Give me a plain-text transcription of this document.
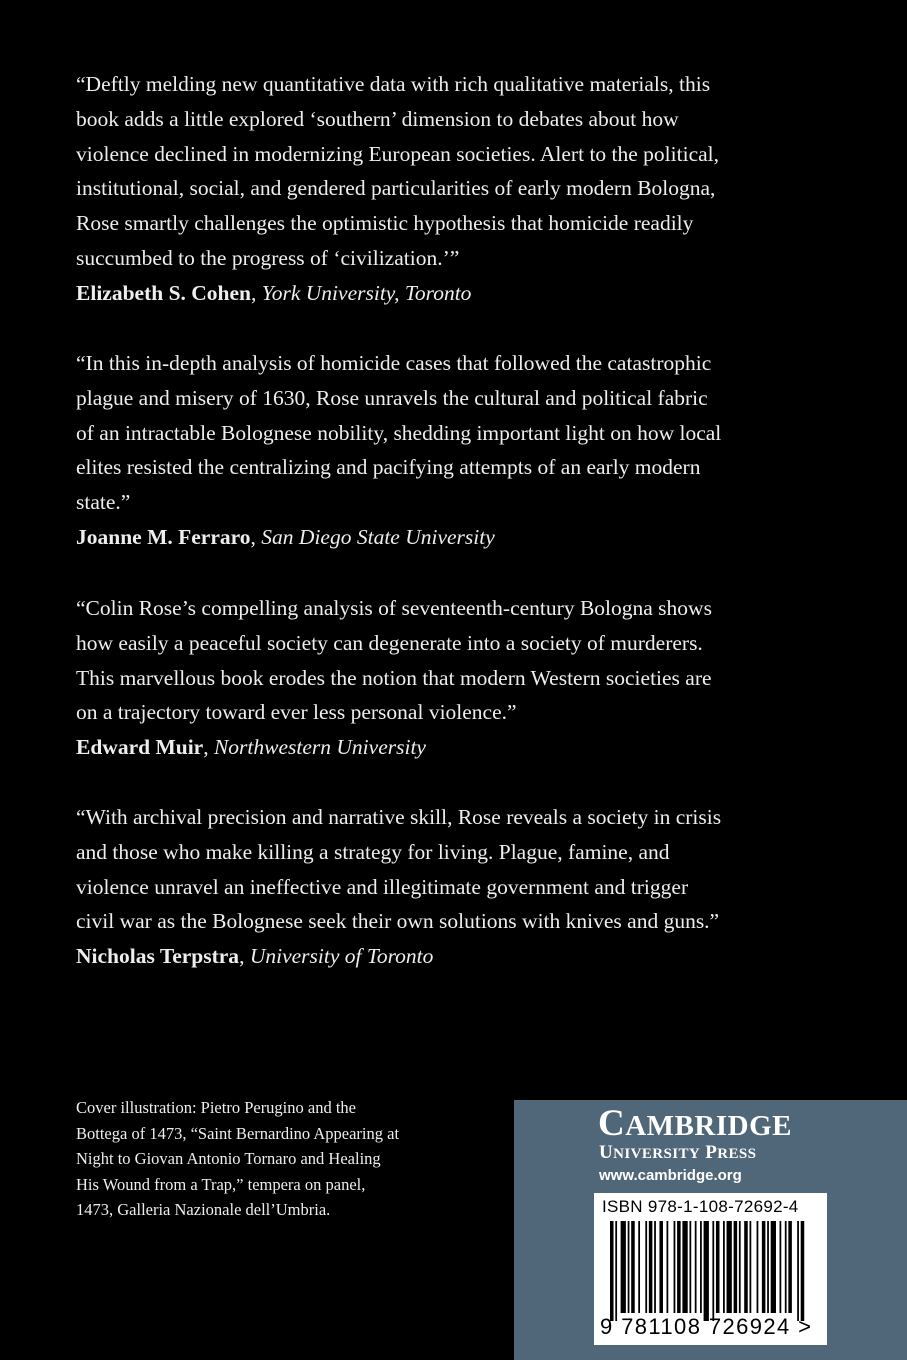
“Deftly melding new quantitative data with rich qualitative materials, this
book adds a little explored ‘southern’ dimension to debates about how
violence declined in modernizing European societies. Alert to the political,
institutional, social, and gendered particularities of early modern Bologna,
Rose smartly challenges the optimistic hypothesis that homicide readily
succumbed to the progress of ‘civilization.’”
Elizabeth S. Cohen, York University, Toronto
“In this in-depth analysis of homicide cases that followed the catastrophic
plague and misery of 1630, Rose unravels the cultural and political fabric
of an intractable Bolognese nobility, shedding important light on how local
elites resisted the centralizing and pacifying attempts of an early modern
state.”
Joanne M. Ferraro, San Diego State University
“Colin Rose’s compelling analysis of seventeenth-century Bologna shows
how easily a peaceful society can degenerate into a society of murderers.
This marvellous book erodes the notion that modern Western societies are
on a trajectory toward ever less personal violence.”
Edward Muir, Northwestern University
“With archival precision and narrative skill, Rose reveals a society in crisis
and those who make killing a strategy for living. Plague, famine, and
violence unravel an ineffective and illegitimate government and trigger
civil war as the Bolognese seek their own solutions with knives and guns.”
Nicholas Terpstra, University of Toronto
Cover illustration: Pietro Perugino and the
Bottega of 1473, “Saint Bernardino Appearing at
Night to Giovan Antonio Tornaro and Healing
His Wound from a Trap,” tempera on panel,
1473, Galleria Nazionale dell’Umbria.
CAMBRIDGE
UNIVERSITY PRESS
www.cambridge.org
ISBN 978-1-108-72692-4
9 781108 726924 >
